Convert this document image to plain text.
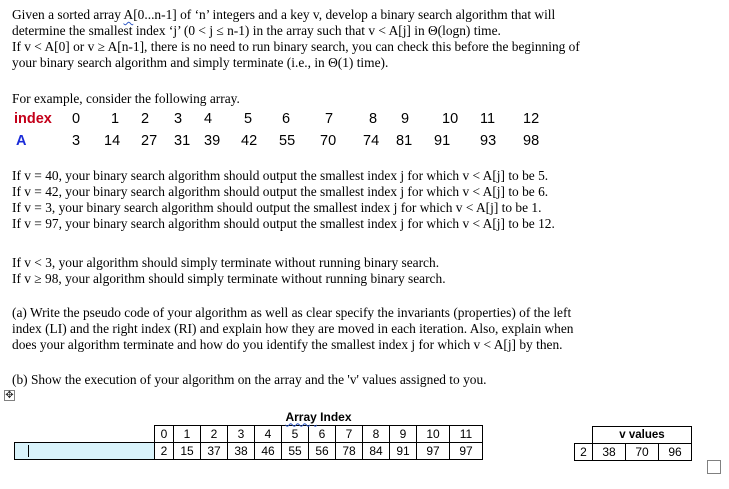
Given a sorted array A[0...n-1] of ‘n’ integers and a key v, develop a binary search algorithm that will
determine the smallest index ‘j’ (0 < j ≤ n-1) in the array such that v < A[j] in Θ(logn) time.
If v < A[0] or v ≥ A[n-1], there is no need to run binary search, you can check this before the beginning of
your binary search algorithm and simply terminate (i.e., in Θ(1) time).
For example, consider the following array.
index 0 1 2 3 4 5 6 7 8 9 10 11 12
A	3 14 27 31 39 42 55 70 74 81 91 93 98
If v = 40, your binary search algorithm should output the smallest index j for which v < A[j] to be 5.
If v = 42, your binary search algorithm should output the smallest index j for which v < A[j] to be 6.
If v = 3, your binary search algorithm should output the smallest index j for which v < A[j] to be 1.
If v = 97, your binary search algorithm should output the smallest index j for which v < A[j] to be 12.
If v < 3, your algorithm should simply terminate without running binary search.
If v ≥ 98, your algorithm should simply terminate without running binary search.
(a) Write the pseudo code of your algorithm as well as clear specify the invariants (properties) of the left
index (LI) and the right index (RI) and explain how they are moved in each iteration. Also, explain when
does your algorithm terminate and how do you identify the smallest index j for which v < A[j] by then.
(b) Show the execution of your algorithm on the array and the 'v' values assigned to you.
✥
	Array Index											
	0	1	2	3	4	5	6	7	8	9	10	11
	2	15	37	38	46	55	56	78	84	91	97	97
	v values		
2	38	70	96
